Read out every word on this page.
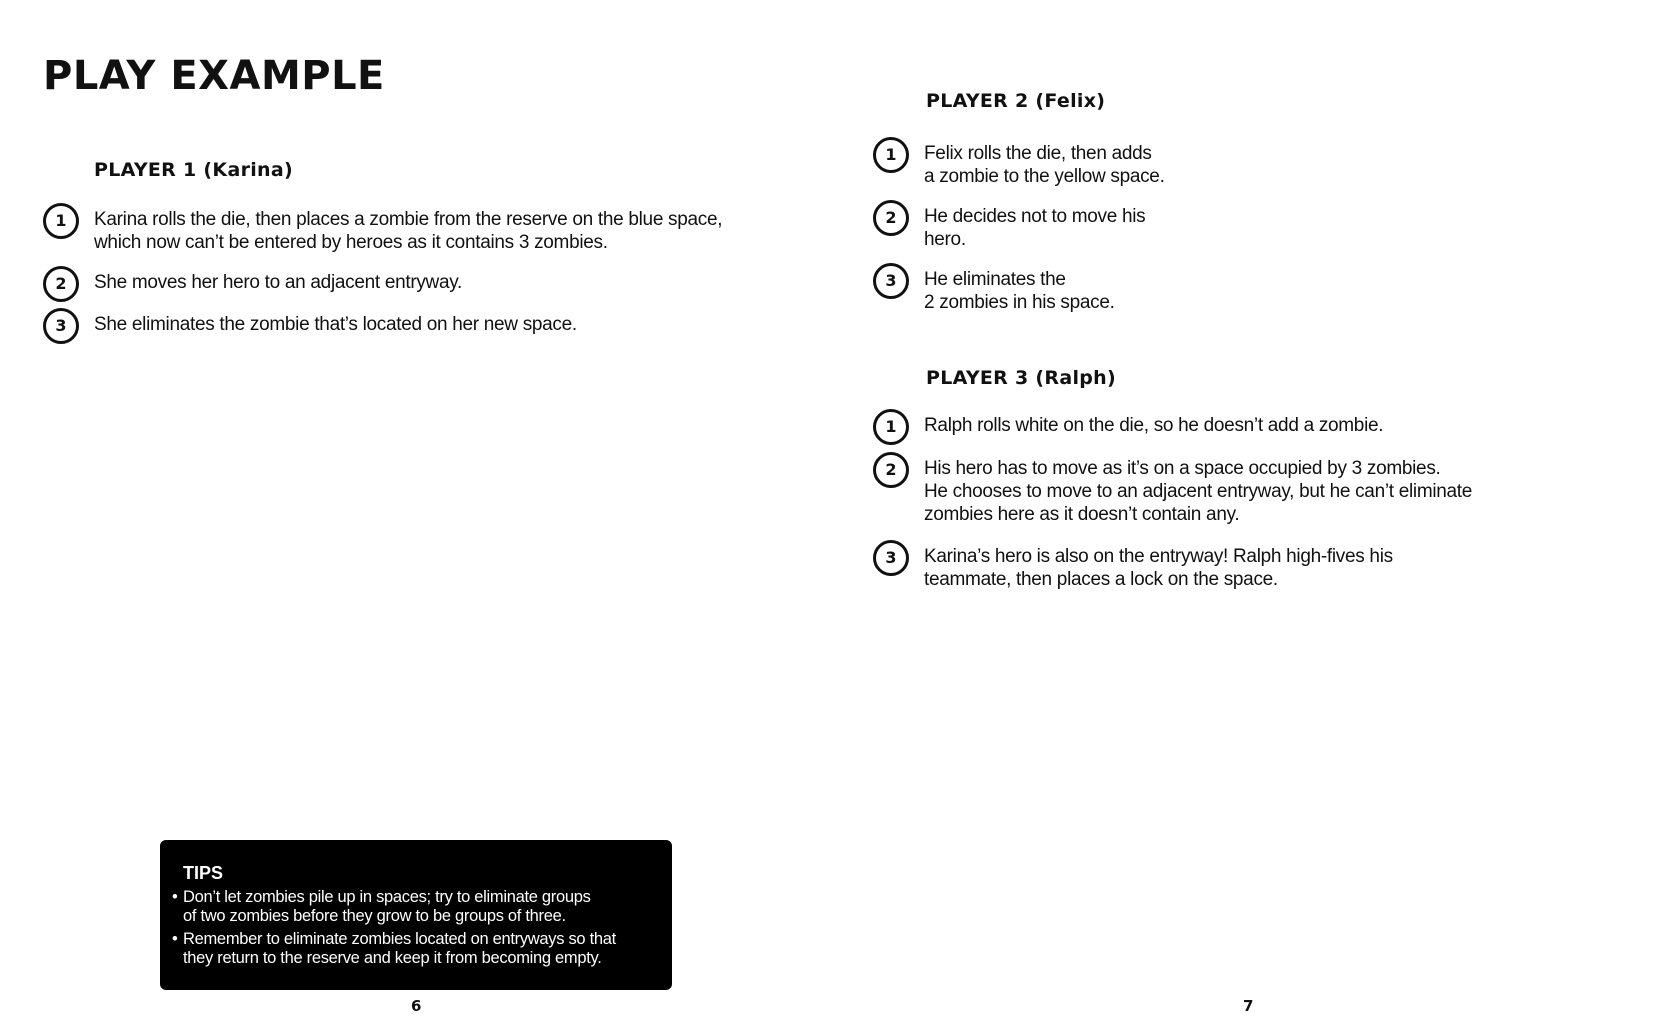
PLAY EXAMPLE
PLAYER 1 (Karina)
1	Karina rolls the die, then places a zombie from the reserve on the blue space,
which now can’t be entered by heroes as it contains 3 zombies.
2	She moves her hero to an adjacent entryway.
3	She eliminates the zombie that’s located on her new space.
PLAYER 2 (Felix)
1	Felix rolls the die, then adds
a zombie to the yellow space.
2	He decides not to move his
hero.
3	He eliminates the
2 zombies in his space.
PLAYER 3 (Ralph)
1	Ralph rolls white on the die, so he doesn’t add a zombie.
2	His hero has to move as it’s on a space occupied by 3 zombies.
He chooses to move to an adjacent entryway, but he can’t eliminate
zombies here as it doesn’t contain any.
3	Karina’s hero is also on the entryway! Ralph high-fives his
teammate, then places a lock on the space.
TIPS
• Don’t let zombies pile up in spaces; try to eliminate groups
of two zombies before they grow to be groups of three.
• Remember to eliminate zombies located on entryways so that
they return to the reserve and keep it from becoming empty.
6	7
